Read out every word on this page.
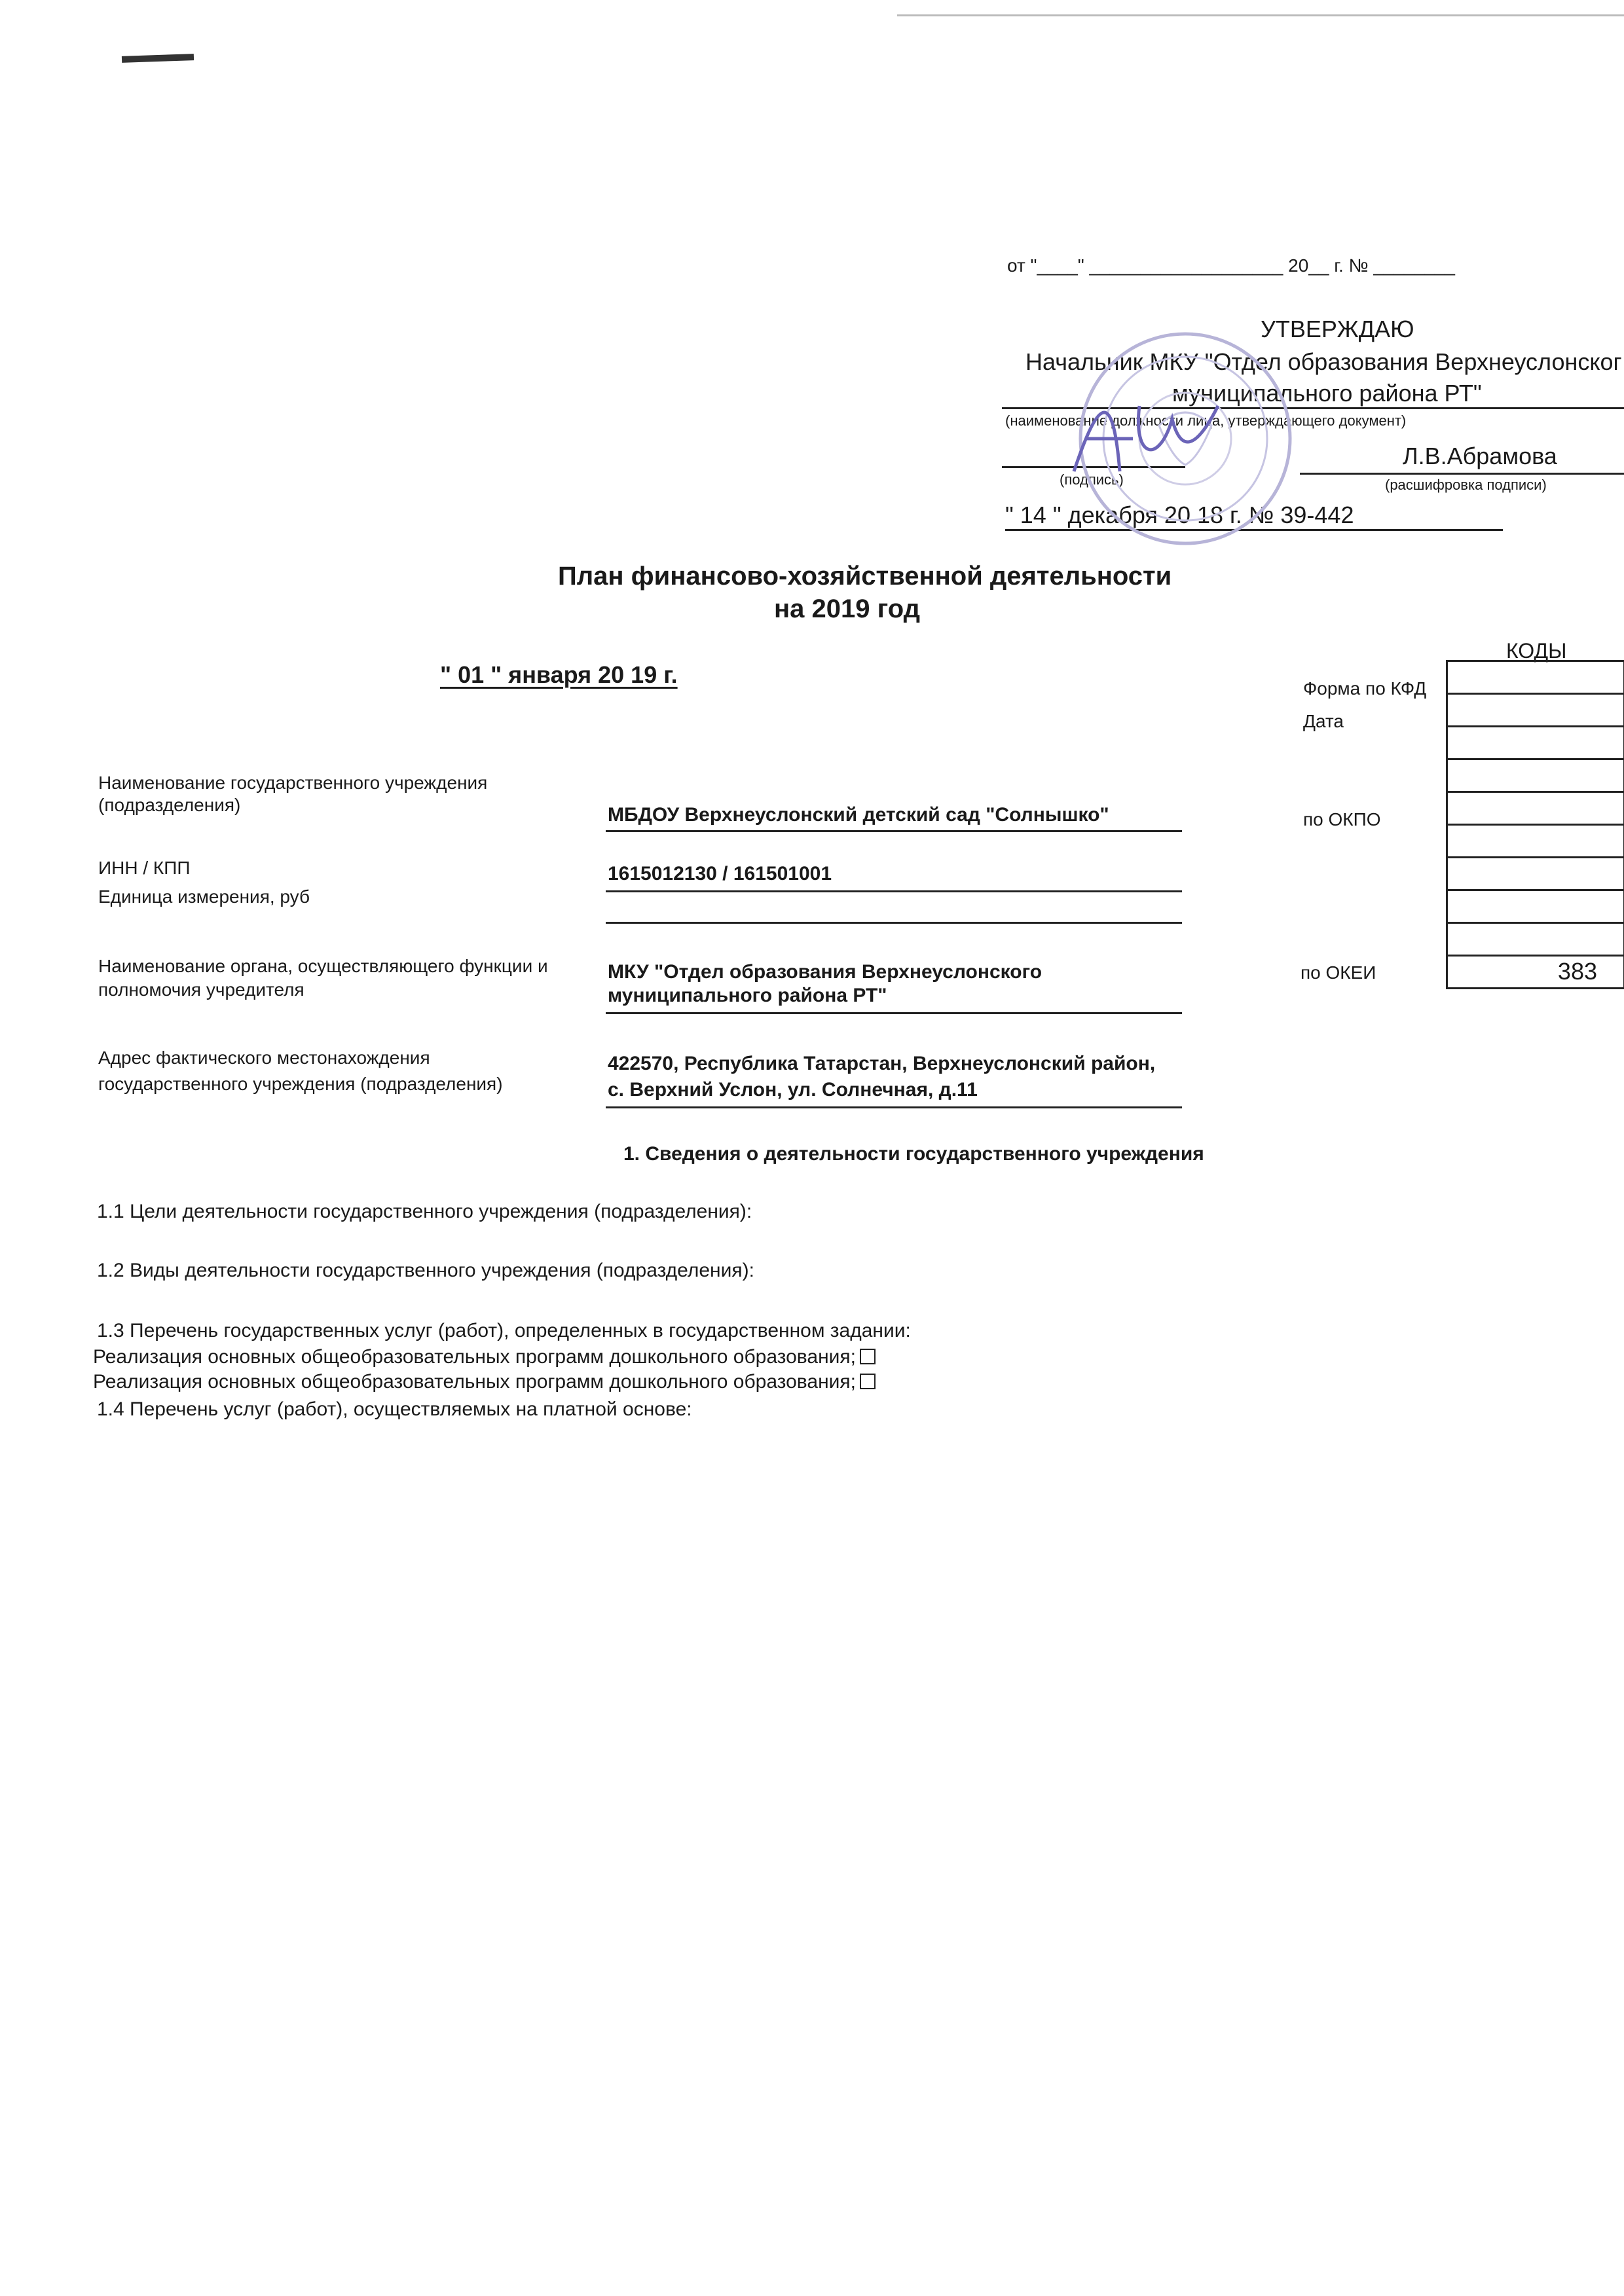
от "____" ___________________ 20__ г. № ________
УТВЕРЖДАЮ
Начальник МКУ "Отдел образования Верхнеуслонског
муниципального района РТ"
(наименование должности лица, утверждающего документ)
Л.В.Абрамова
(подпись)	(расшифровка подписи)
" 14 " декабря 20 18 г. № 39-442
План финансово-хозяйственной деятельности
на 2019 год
" 01 " января 20 19 г.
КОДЫ
Форма по КФД
Дата
по ОКПО
по ОКЕИ	383
Наименование государственного учреждения
(подразделения)	МБДОУ Верхнеуслонский детский сад "Солнышко"
ИНН / КПП	1615012130 / 161501001
Единица измерения, руб
Наименование органа, осуществляющего функции и
полномочия учредителя
МКУ "Отдел образования Верхнеуслонского
муниципального района РТ"
Адрес фактического местонахождения
государственного учреждения (подразделения)
422570, Республика Татарстан, Верхнеуслонский район,
с. Верхний Услон, ул. Солнечная, д.11
1. Сведения о деятельности государственного учреждения
1.1 Цели деятельности государственного учреждения (подразделения):
1.2 Виды деятельности государственного учреждения (подразделения):
1.3 Перечень государственных услуг (работ), определенных в государственном задании:
Реализация основных общеобразовательных программ дошкольного образования;
Реализация основных общеобразовательных программ дошкольного образования;
1.4 Перечень услуг (работ), осуществляемых на платной основе:
